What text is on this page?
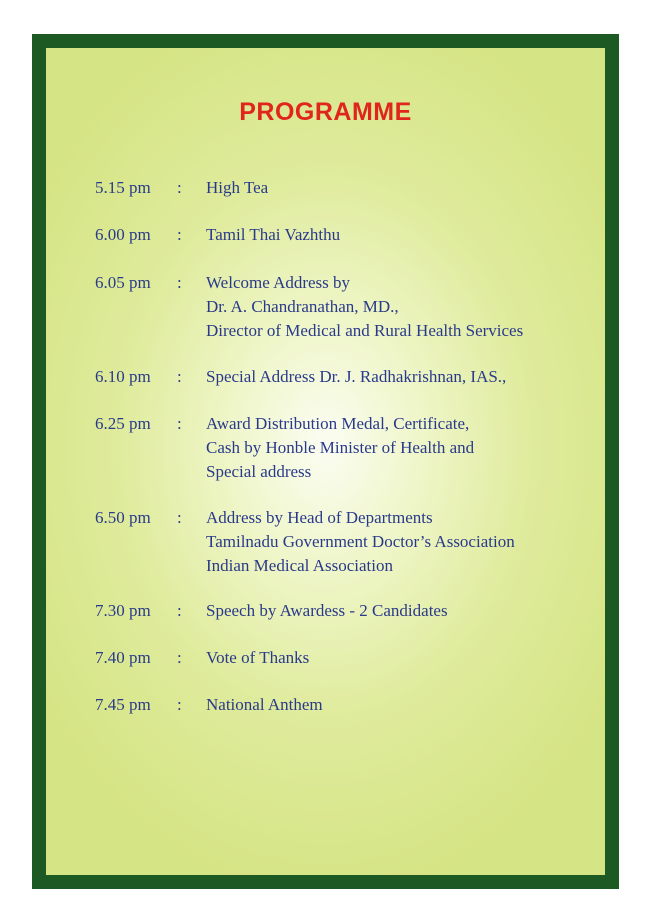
PROGRAMME
5.15 pm	:	High Tea
6.00 pm	:	Tamil Thai Vazhthu
6.05 pm	:	Welcome Address by
Dr. A. Chandranathan, MD.,
Director of Medical and Rural Health Services
6.10 pm	:	Special Address Dr. J. Radhakrishnan, IAS.,
6.25 pm	:	Award Distribution Medal, Certificate,
Cash by Honble Minister of Health and
Special address
6.50 pm	:	Address by Head of Departments
Tamilnadu Government Doctor’s Association
Indian Medical Association
7.30 pm	:	Speech by Awardess - 2 Candidates
7.40 pm	:	Vote of Thanks
7.45 pm	:	National Anthem
